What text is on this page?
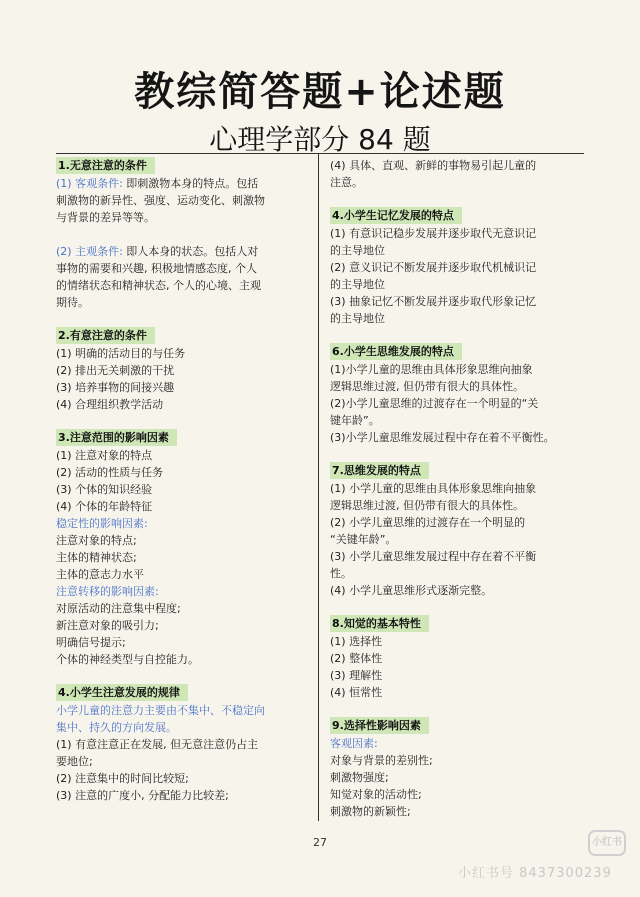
教综简答题+论述题
心理学部分 84 题
1.无意注意的条件
(1) 客观条件: 即刺激物本身的特点。包括
刺激物的新异性、强度、运动变化、刺激物
与背景的差异等等。

(2) 主观条件: 即人本身的状态。包括人对
事物的需要和兴趣, 积极地情感态度, 个人
的情绪状态和精神状态, 个人的心境、主观
期待。
2.有意注意的条件
(1) 明确的活动目的与任务
(2) 排出无关刺激的干扰
(3) 培养事物的间接兴趣
(4) 合理组织教学活动
3.注意范围的影响因素
(1) 注意对象的特点
(2) 活动的性质与任务
(3) 个体的知识经验
(4) 个体的年龄特征
稳定性的影响因素:
注意对象的特点;
主体的精神状态;
主体的意志力水平
注意转移的影响因素:
对原活动的注意集中程度;
新注意对象的吸引力;
明确信号提示;
个体的神经类型与自控能力。
4.小学生注意发展的规律
小学儿童的注意力主要由不集中、不稳定向
集中、持久的方向发展。
(1) 有意注意正在发展, 但无意注意仍占主
要地位;
(2) 注意集中的时间比较短;
(3) 注意的广度小, 分配能力比较差;
(4) 具体、直观、新鲜的事物易引起儿童的
注意。
4.小学生记忆发展的特点
(1) 有意识记稳步发展并逐步取代无意识记
的主导地位
(2) 意义识记不断发展并逐步取代机械识记
的主导地位
(3) 抽象记忆不断发展并逐步取代形象记忆
的主导地位
6.小学生思维发展的特点
(1)小学儿童的思维由具体形象思维向抽象
逻辑思维过渡, 但仍带有很大的具体性。
(2)小学儿童思维的过渡存在一个明显的“关
键年龄”。
(3)小学儿童思维发展过程中存在着不平衡性。
7.思维发展的特点
(1) 小学儿童的思维由具体形象思维向抽象
逻辑思维过渡, 但仍带有很大的具体性。
(2) 小学儿童思维的过渡存在一个明显的
“关键年龄”。
(3) 小学儿童思维发展过程中存在着不平衡
性。
(4) 小学儿童思维形式逐渐完整。
8.知觉的基本特性
(1) 选择性
(2) 整体性
(3) 理解性
(4) 恒常性
9.选择性影响因素
客观因素:
对象与背景的差别性;
刺激物强度;
知觉对象的活动性;
刺激物的新颖性;
27	小红书
小红书号 8437300239
